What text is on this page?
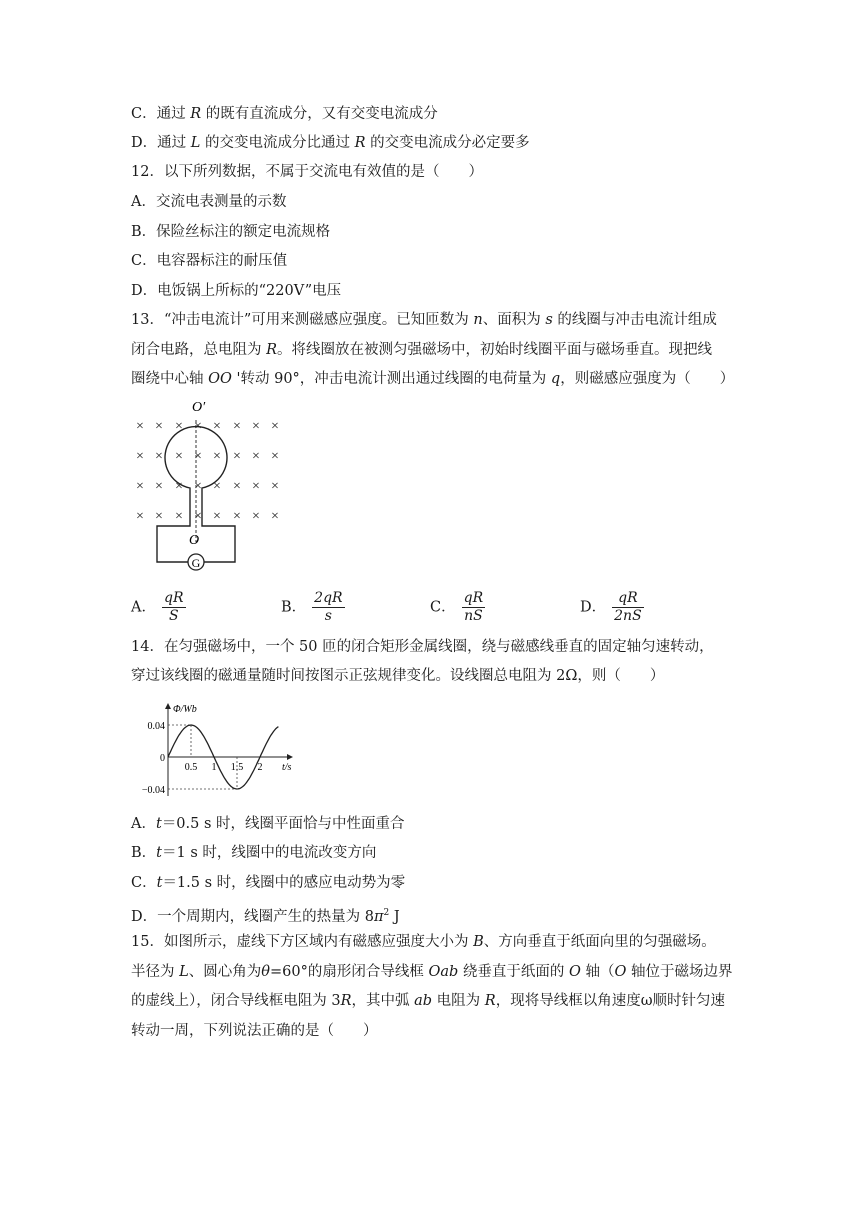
C．通过 R 的既有直流成分，又有交变电流成分
D．通过 L 的交变电流成分比通过 R 的交变电流成分必定要多
12．以下所列数据，不属于交流电有效值的是（　　）
A．交流电表测量的示数
B．保险丝标注的额定电流规格
C．电容器标注的耐压值
D．电饭锅上所标的“220V”电压
13．“冲击电流计”可用来测磁感应强度。已知匝数为 n、面积为 s 的线圈与冲击电流计组成
闭合电路，总电阻为 R。将线圈放在被测匀强磁场中，初始时线圈平面与磁场垂直。现把线
圈绕中心轴 OO '转动 90°，冲击电流计测出通过线圈的电荷量为 q，则磁感应强度为（　　）
× × × × × × × ×
× × × × × × × ×
× × × × × × × ×
× × × × × × × ×
G
O′
O
A． $\frac{qR}{S}$	B． $\frac{2qR}{s}$	C． $\frac{qR}{nS}$	D． $\frac{qR}{2nS}$
14．在匀强磁场中，一个 50 匝的闭合矩形金属线圈，绕与磁感线垂直的固定轴匀速转动，
穿过该线圈的磁通量随时间按图示正弦规律变化。设线圈总电阻为 2Ω，则（　　）
Φ/Wb
t/s
0.04
0
−0.04
0.5 1 1.5 2
A．t＝0.5 s 时，线圈平面恰与中性面重合
B．t＝1 s 时，线圈中的电流改变方向
C．t＝1.5 s 时，线圈中的感应电动势为零
D．一个周期内，线圈产生的热量为 $8\pi^2$ J
15．如图所示，虚线下方区域内有磁感应强度大小为 B、方向垂直于纸面向里的匀强磁场。
半径为 L、圆心角为θ=60°的扇形闭合导线框 Oab 绕垂直于纸面的 O 轴（O 轴位于磁场边界
的虚线上），闭合导线框电阻为 3R，其中弧 ab 电阻为 R，现将导线框以角速度ω顺时针匀速
转动一周，下列说法正确的是（　　）
